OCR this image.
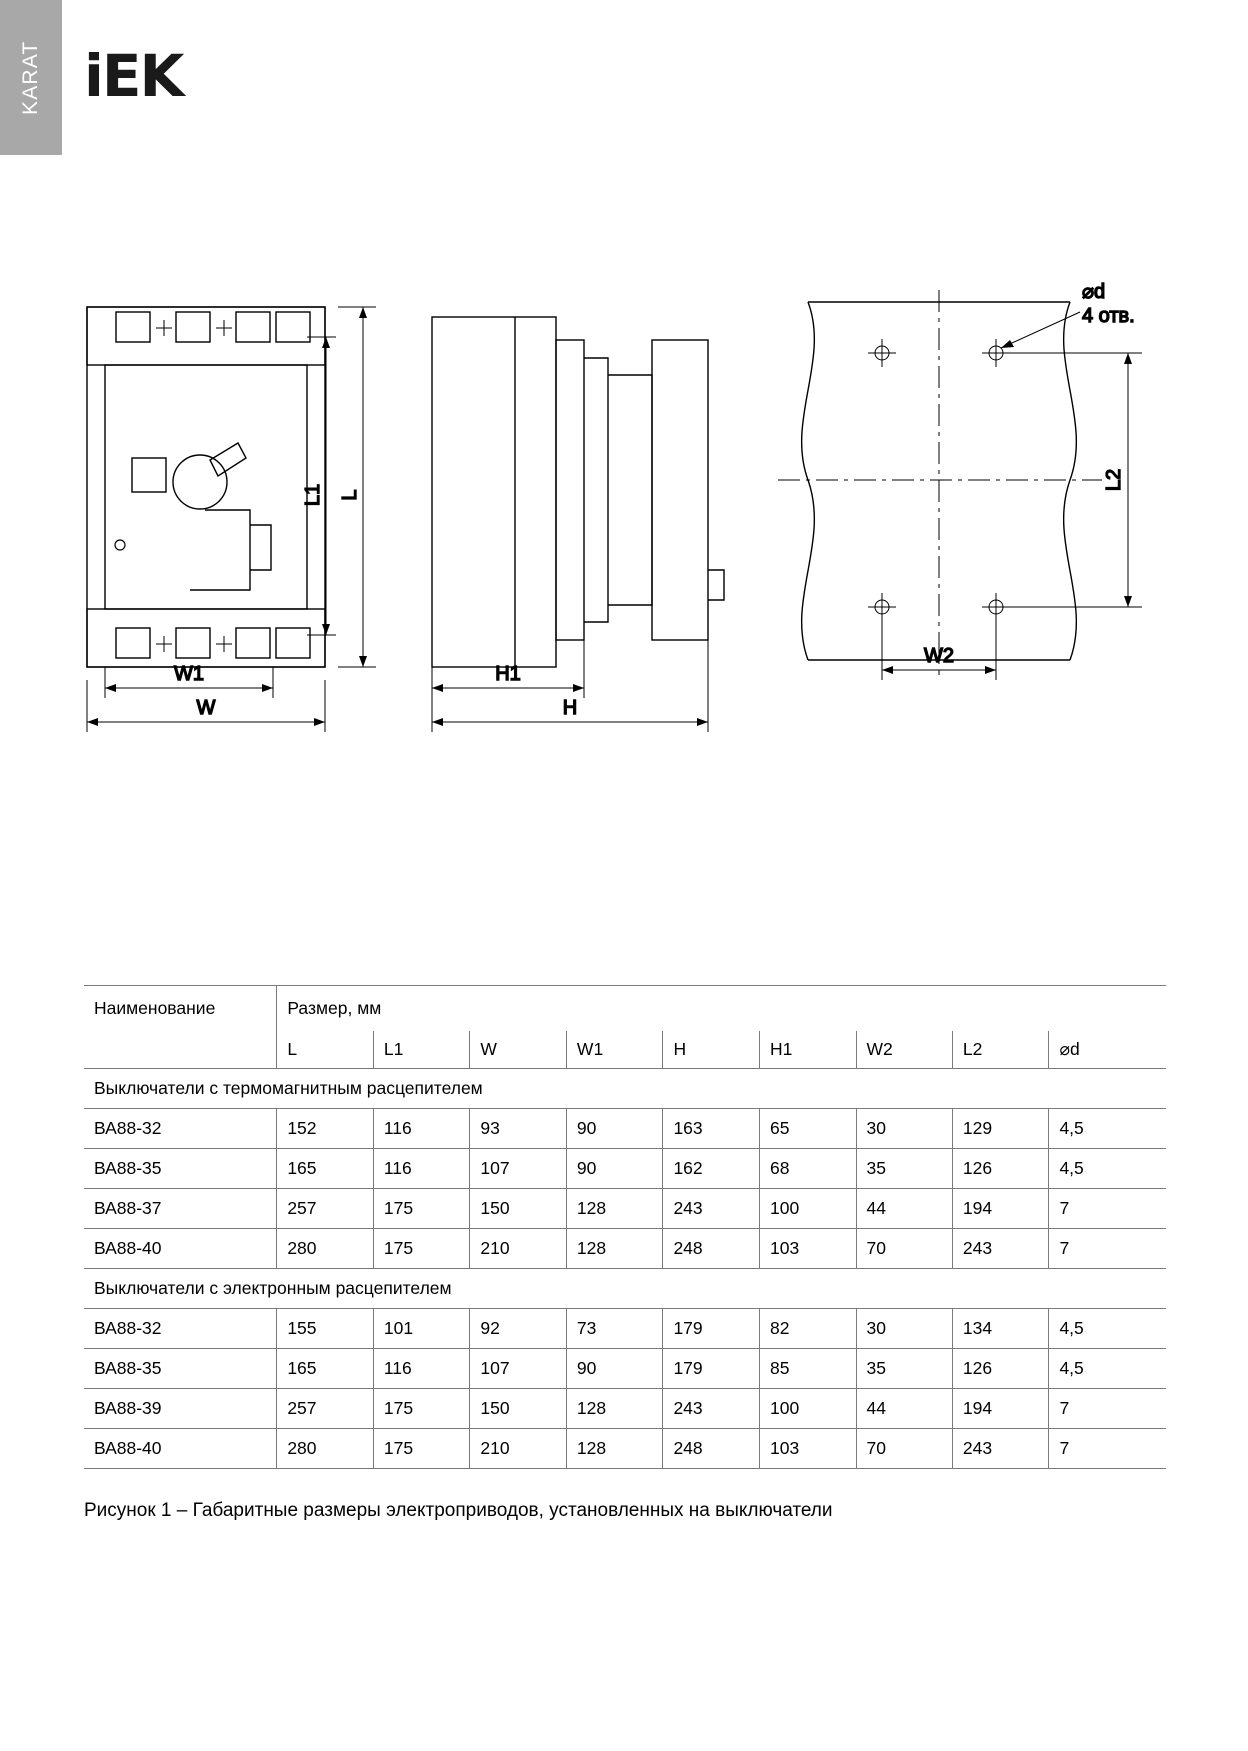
KARAT iEK
L
L1
W1
W
H1
H
⌀d
4 отв.
L2
W2
Наименование	Размер, мм								
	L	L1	W	W1	H	H1	W2	L2	⌀d
Выключатели с термомагнитным расцепителем									
ВА88-32	152	116	93	90	163	65	30	129	4,5
ВА88-35	165	116	107	90	162	68	35	126	4,5
ВА88-37	257	175	150	128	243	100	44	194	7
ВА88-40	280	175	210	128	248	103	70	243	7
Выключатели с электронным расцепителем									
ВА88-32	155	101	92	73	179	82	30	134	4,5
ВА88-35	165	116	107	90	179	85	35	126	4,5
ВА88-39	257	175	150	128	243	100	44	194	7
ВА88-40	280	175	210	128	248	103	70	243	7
Рисунок 1 – Габаритные размеры электроприводов, установленных на выключатели
